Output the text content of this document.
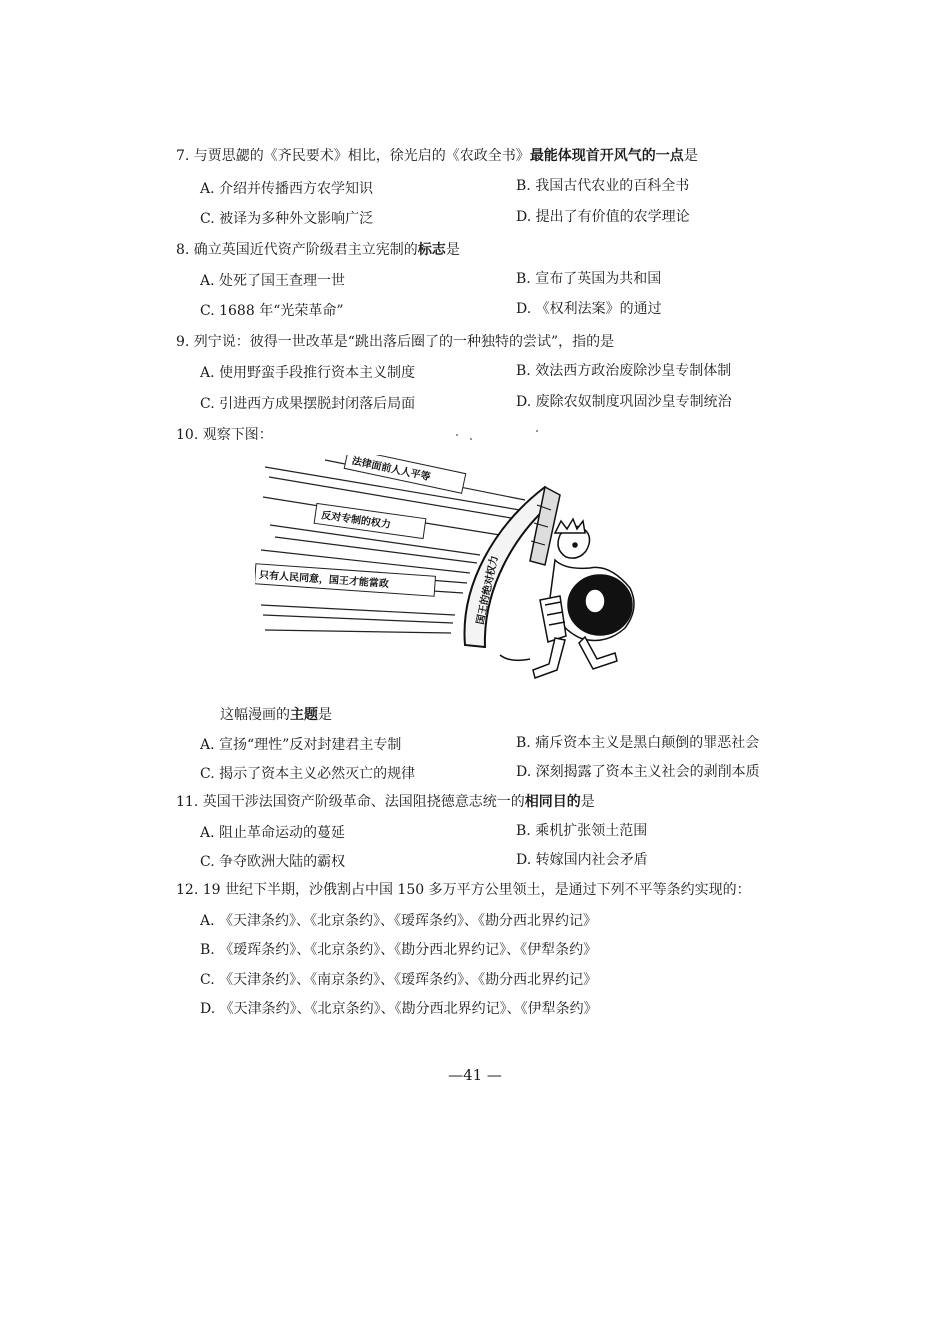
7. 与贾思勰的《齐民要术》相比，徐光启的《农政全书》最能体现首开风气的一点是
A. 介绍并传播西方农学知识	B. 我国古代农业的百科全书
C. 被译为多种外文影响广泛	D. 提出了有价值的农学理论
8. 确立英国近代资产阶级君主立宪制的标志是
A. 处死了国王查理一世	B. 宣布了英国为共和国
C. 1688 年“光荣革命”	D. 《权利法案》的通过
9. 列宁说：彼得一世改革是“跳出落后圈了的一种独特的尝试”，指的是
A. 使用野蛮手段推行资本主义制度	B. 效法西方政治废除沙皇专制体制
C. 引进西方成果摆脱封闭落后局面	D. 废除农奴制度巩固沙皇专制统治
10. 观察下图：
法律面前人人平等
反对专制的权力
只有人民同意，国王才能當政	国王的绝对权力
这幅漫画的主题是
A. 宣扬“理性”反对封建君主专制	B. 痛斥资本主义是黑白颠倒的罪恶社会
C. 揭示了资本主义必然灭亡的规律	D. 深刻揭露了资本主义社会的剥削本质
11. 英国干涉法国资产阶级革命、法国阻挠德意志统一的相同目的是
A. 阻止革命运动的蔓延	B. 乘机扩张领土范围
C. 争夺欧洲大陆的霸权	D. 转嫁国内社会矛盾
12. 19 世纪下半期，沙俄割占中国 150 多万平方公里领土，是通过下列不平等条约实现的：
A. 《天津条约》、《北京条约》、《瑷珲条约》、《勘分西北界约记》
B. 《瑷珲条约》、《北京条约》、《勘分西北界约记》、《伊犁条约》
C. 《天津条约》、《南京条约》、《瑷珲条约》、《勘分西北界约记》
D. 《天津条约》、《北京条约》、《勘分西北界约记》、《伊犁条约》
—41 —
